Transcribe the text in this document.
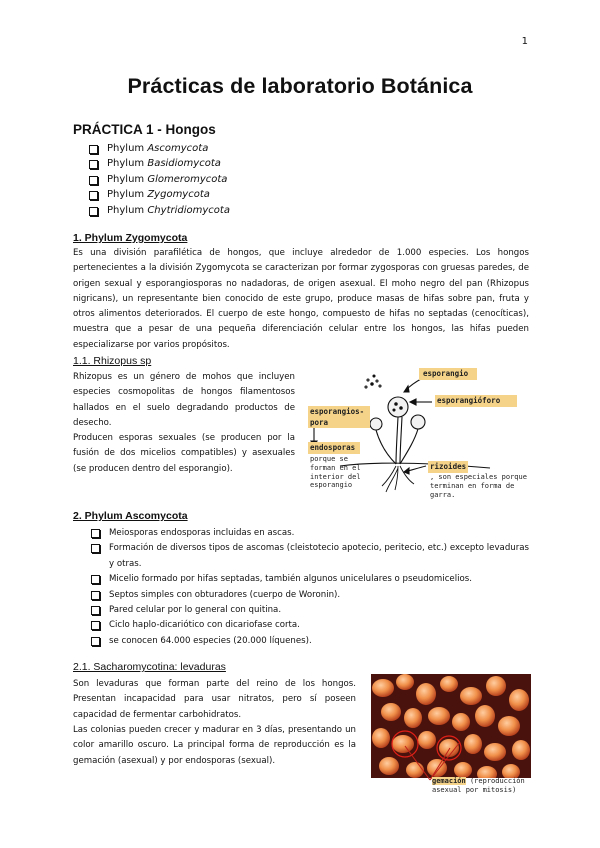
1
Prácticas de laboratorio Botánica
PRÁCTICA 1 - Hongos
Phylum Ascomycota
Phylum Basidiomycota
Phylum Glomeromycota
Phylum Zygomycota
Phylum Chytridiomycota
1. Phylum Zygomycota
Es una división parafilética de hongos, que incluye alrededor de 1.000 especies. Los hongos pertenecientes a la división Zygomycota se caracterizan por formar zygosporas con gruesas paredes, de origen sexual y esporangiosporas no nadadoras, de origen asexual. El moho negro del pan (Rhizopus nigricans), un representante bien conocido de este grupo, produce masas de hifas sobre pan, fruta y otros alimentos deteriorados. El cuerpo de este hongo, compuesto de hifas no septadas (cenocíticas), muestra que a pesar de una pequeña diferenciación celular entre los hongos, las hifas pueden especializarse por varios propósitos.
1.1. Rhizopus sp
Rhizopus es un género de mohos que incluyen especies cosmopolitas de hongos filamentosos hallados en el suelo degradando productos de desecho.
Producen esporas sexuales (se producen por la fusión de dos micelios compatibles) y asexuales (se producen dentro del esporangio).
esporangio
esporangióforo
esporangios-pora
endosporas
porque se forman en el interior del esporangio
rizoides
, son especiales porque terminan en forma de garra.
2. Phylum Ascomycota
Meiosporas endosporas incluidas en ascas.
Formación de diversos tipos de ascomas (cleistotecio apotecio, peritecio, etc.) excepto levaduras y otras.
Micelio formado por hifas septadas, también algunos unicelulares o pseudomicelios.
Septos simples con obturadores (cuerpo de Woronin).
Pared celular por lo general con quitina.
Ciclo haplo-dicariótico con dicariofase corta.
se conocen 64.000 especies (20.000 líquenes).
2.1. Sacharomycotina: levaduras
Son levaduras que forman parte del reino de los hongos. Presentan incapacidad para usar nitratos, pero sí poseen capacidad de fermentar carbohidratos.
Las colonias pueden crecer y madurar en 3 días, presentando un color amarillo oscuro. La principal forma de reproducción es la gemación (asexual) y por endosporas (sexual).
gemación (reproducción asexual por mitosis)
